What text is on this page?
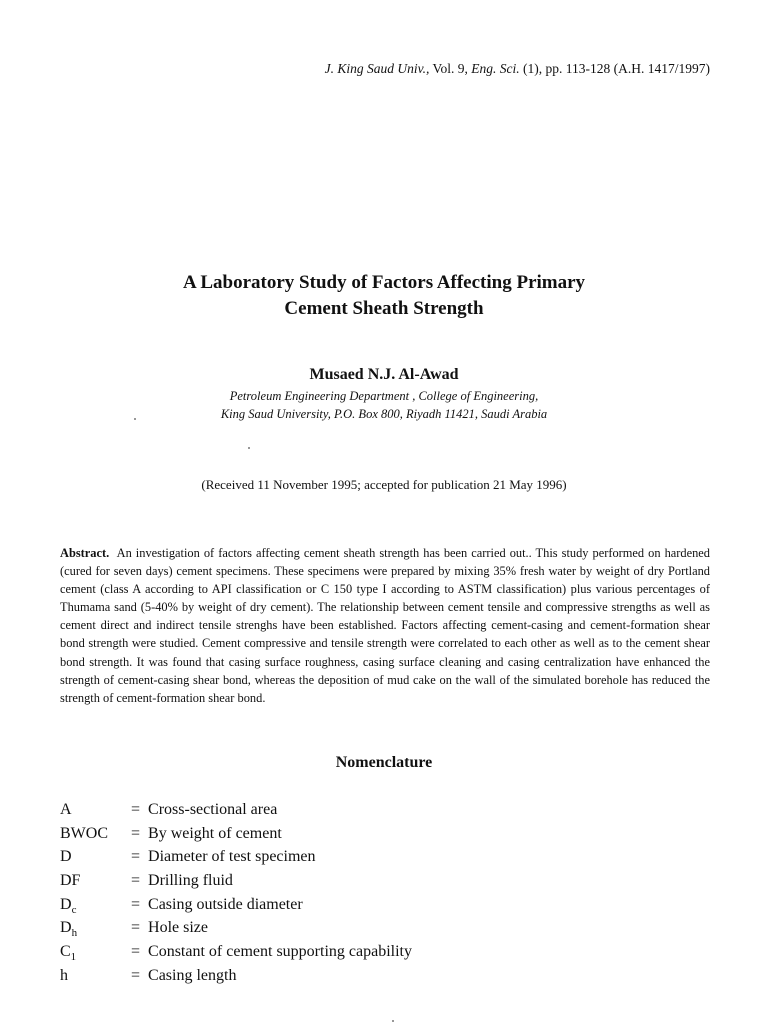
J. King Saud Univ., Vol. 9, Eng. Sci. (1), pp. 113-128 (A.H. 1417/1997)
A Laboratory Study of Factors Affecting Primary
Cement Sheath Strength
Musaed N.J. Al-Awad
Petroleum Engineering Department , College of Engineering,
King Saud University, P.O. Box 800, Riyadh 11421, Saudi Arabia
(Received 11 November 1995; accepted for publication 21 May 1996)
Abstract. An investigation of factors affecting cement sheath strength has been carried out.. This study performed on hardened (cured for seven days) cement specimens. These specimens were prepared by mixing 35% fresh water by weight of dry Portland cement (class A according to API classification or C 150 type I according to ASTM classification) plus various percentages of Thumama sand (5-40% by weight of dry cement). The relationship between cement tensile and compressive strengths as well as cement direct and indirect tensile strenghs have been established. Factors affecting cement-casing and cement-formation shear bond strength were studied. Cement compressive and tensile strength were correlated to each other as well as to the cement shear bond strength. It was found that casing surface roughness, casing surface cleaning and casing centralization have enhanced the strength of cement-casing shear bond, whereas the deposition of mud cake on the wall of the simulated borehole has reduced the strength of cement-formation shear bond.
Nomenclature
A	= Cross-sectional area
BWOC = By weight of cement
D	= Diameter of test specimen
DF	= Drilling fluid
$D_c$	= Casing outside diameter
$D_h$	= Hole size
$C_1$	= Constant of cement supporting capability
h	= Casing length
